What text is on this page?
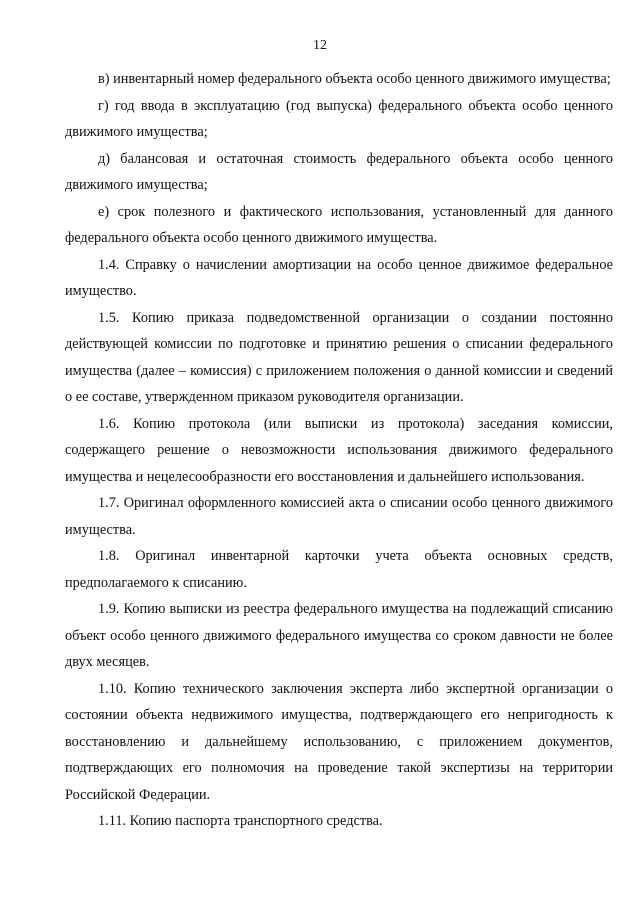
12

в) инвентарный номер федерального объекта особо ценного движимого имущества;

г) год ввода в эксплуатацию (год выпуска) федерального объекта особо ценного движимого имущества;

д) балансовая и остаточная стоимость федерального объекта особо ценного движимого имущества;

е) срок полезного и фактического использования, установленный для данного федерального объекта особо ценного движимого имущества.

1.4. Справку о начислении амортизации на особо ценное движимое федеральное имущество.

1.5. Копию приказа подведомственной организации о создании постоянно действующей комиссии по подготовке и принятию решения о списании федерального имущества (далее – комиссия) с приложением положения о данной комиссии и сведений о ее составе, утвержденном приказом руководителя организации.

1.6. Копию протокола (или выписки из протокола) заседания комиссии, содержащего решение о невозможности использования движимого федерального имущества и нецелесообразности его восстановления и дальнейшего использования.

1.7. Оригинал оформленного комиссией акта о списании особо ценного движимого имущества.

1.8. Оригинал инвентарной карточки учета объекта основных средств, предполагаемого к списанию.

1.9. Копию выписки из реестра федерального имущества на подлежащий списанию объект особо ценного движимого федерального имущества со сроком давности не более двух месяцев.

1.10. Копию технического заключения эксперта либо экспертной организации о состоянии объекта недвижимого имущества, подтверждающего его непригодность к восстановлению и дальнейшему использованию, с приложением документов, подтверждающих его полномочия на проведение такой экспертизы на территории Российской Федерации.

1.11. Копию паспорта транспортного средства.
